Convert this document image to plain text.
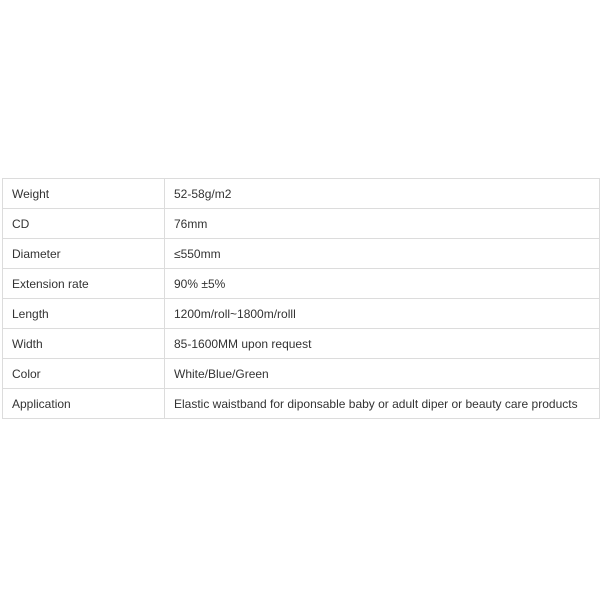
Weight	52-58g/m2
CD	76mm
Diameter	≤550mm
Extension rate	90% ±5%
Length	1200m/roll~1800m/rolll
Width	85-1600MM upon request
Color	White/Blue/Green
Application	Elastic waistband for diponsable baby or adult diper or beauty care products
